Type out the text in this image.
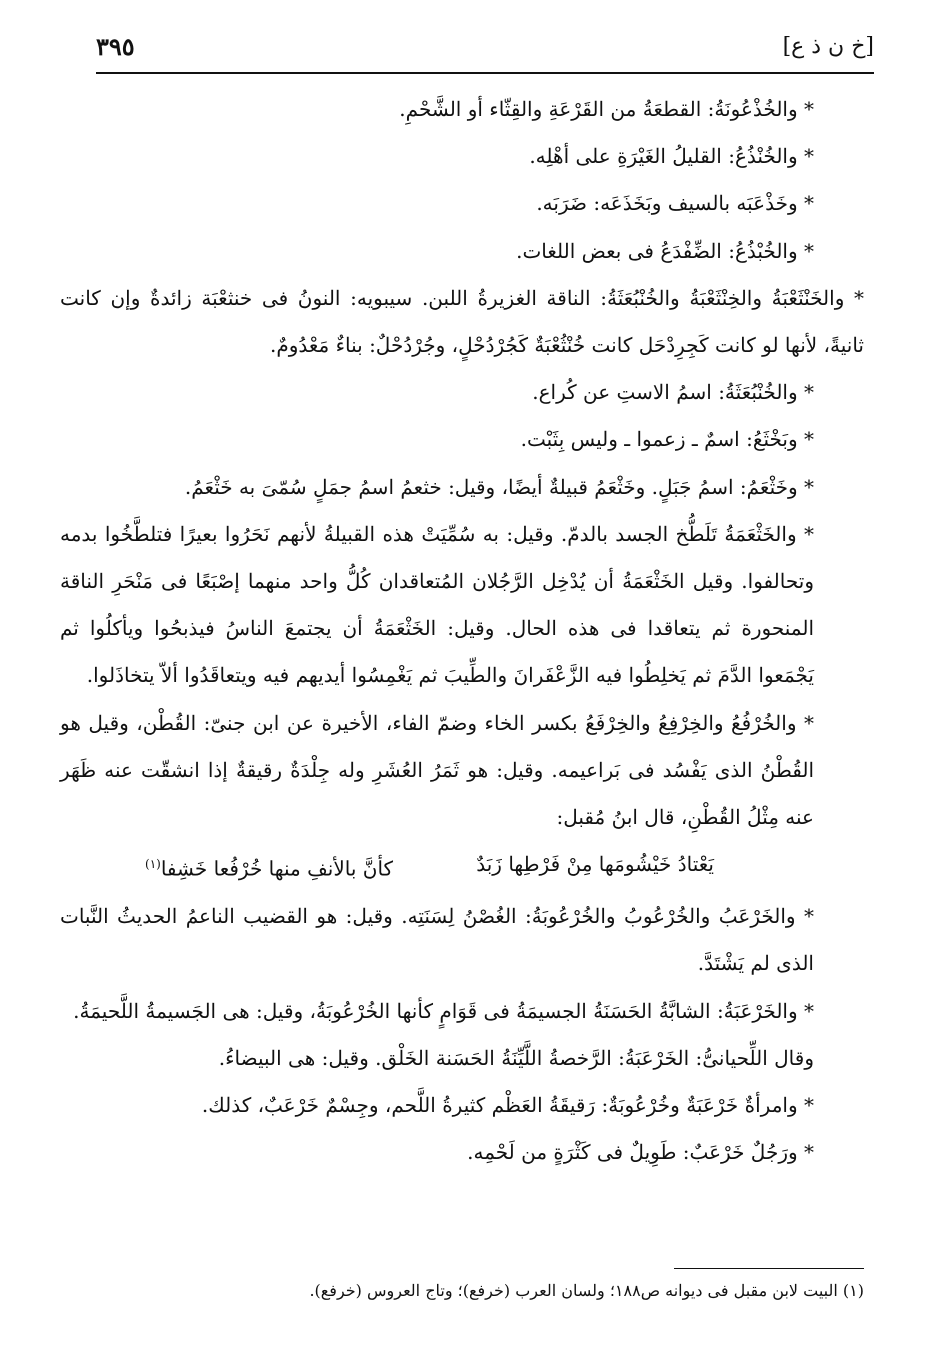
[خ ن ذ ع]
٣٩٥

* والخُذْعُونَةُ: القطعَةُ من القَرْعَةِ والقِثّاء أو الشَّحْمِ.

* والخُنْذُعُ: القليلُ الغَيْرَةِ على أهْلِه.

* وخَذْعَبَه بالسيف وبَخَذَعَه: ضَرَبَه.

* والخُبْذُعُ: الضِّفْدَعُ فى بعض اللغات.

* والخَنْثَعْبَةُ والخِنْثَعْبَةُ والخُنْبُعَثَةُ: الناقة الغزيرةُ اللبن. سيبويه: النونُ فى خنثعْبَة زائدةٌ وإن كانت ثانيةً، لأنها لو كانت كَجِرِدْحَل كانت خُنْثُعْبَةٌ كَجُرْدُحْلٍ، وجُرْدُحْلٌ: بناءٌ مَعْدُومٌ.

* والخُنْبُعَثَةُ: اسمُ الاستِ عن كُراع.

* وبَخْثَعُ: اسمٌ ـ زعموا ـ وليس بِثَبْت.

* وخَثْعَمُ: اسمُ جَبَلٍ. وخَثْعَمُ قبيلةٌ أيضًا، وقيل: خثعمُ اسمُ جمَلٍ سُمّىَ به خَثْعَمُ.

* والخَثْعَمَةُ تَلَطُّخ الجسد بالدمّ. وقيل: به سُمِّيَتْ هذه القبيلةُ لأنهم نَحَرُوا بعيرًا فتلطَّخُوا بدمه وتحالفوا. وقيل الخَثْعَمَةُ أن يُدْخِل الرَّجُلان المُتعاقدان كُلُّ واحد منهما إصْبَعًا فى مَنْحَرِ الناقة المنحورة ثم يتعاقدا فى هذه الحال. وقيل: الخَثْعَمَةُ أن يجتمعَ الناسُ فيذبحُوا ويأكلُوا ثم يَجْمَعوا الدَّمَ ثم يَخلِطُوا فيه الزَّعْفَرانَ والطِّيبَ ثم يَغْمِسُوا أيديهم فيه ويتعاقَدُوا ألاّ يتخاذَلوا.

* والخُرْفُعُ والخِرْفِعُ والخِرْفَعُ بكسر الخاء وضمّ الفاء، الأخيرة عن ابن جنىّ: القُطْن، وقيل هو القُطْنُ الذى يَفْسُد فى بَراعيمه. وقيل: هو ثَمَرُ العُشَرِ وله جِلْدَةٌ رقيقةٌ إذا انشقّت عنه ظَهَر عنه مِثْلُ القُطْنِ، قال ابنُ مُقبل:

يَعْتادُ خَيْشُومَها مِنْ فَرْطِها زَبَدٌ
كأنَّ بالأنفِ منها خُرْفُعا خَشِفا$^{(١)}$

* والخَرْعَبُ والخُرْعُوبُ والخُرْعُوبَةُ: الغُصْنُ لِسَنَتِه. وقيل: هو القضيب الناعمُ الحديثُ النَّبات الذى لم يَشْتَدَّ.

* والخَرْعَبَةُ: الشابَّةُ الحَسَنَةُ الجسيمَةُ فى قَوَامٍ كأنها الخُرْعُوبَةُ، وقيل: هى الجَسيمةُ اللَّحيمَةُ.

وقال اللِّحيانىُّ: الخَرْعَبَةُ: الرَّخصةُ اللَّيِّنَةُ الحَسَنة الخَلْق. وقيل: هى البيضاءُ.

* وامرأةٌ خَرْعَبَةٌ وخُرْعُوبَةٌ: رَقيقَةُ العَظْم كثيرةُ اللَّحم، وجِسْمٌ خَرْعَبٌ، كذلك.

* ورَجُلٌ خَرْعَبٌ: طَوِيلٌ فى كَثْرَةٍ من لَحْمِه.

(١) البيت لابن مقبل فى ديوانه ص١٨٨؛ ولسان العرب (خرفع)؛ وتاج العروس (خرفع).
